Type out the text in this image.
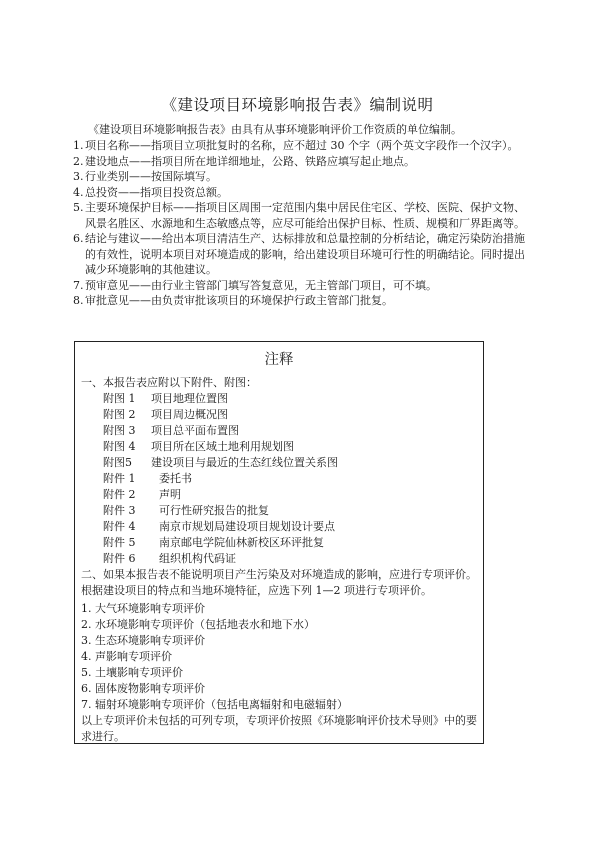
《建设项目环境影响报告表》编制说明
《建设项目环境影响报告表》由具有从事环境影响评价工作资质的单位编制。
1. 项目名称——指项目立项批复时的名称，应不超过 30 个字（两个英文字段作一个汉字）。
2. 建设地点——指项目所在地详细地址，公路、铁路应填写起止地点。
3. 行业类别——按国际填写。
4. 总投资——指项目投资总额。
5. 主要环境保护目标——指项目区周围一定范围内集中居民住宅区、学校、医院、保护文物、风景名胜区、水源地和生态敏感点等，应尽可能给出保护目标、性质、规模和厂界距离等。
6. 结论与建议——给出本项目清洁生产、达标排放和总量控制的分析结论，确定污染防治措施的有效性，说明本项目对环境造成的影响，给出建设项目环境可行性的明确结论。同时提出减少环境影响的其他建议。
7. 预审意见——由行业主管部门填写答复意见，无主管部门项目，可不填。
8. 审批意见——由负责审批该项目的环境保护行政主管部门批复。
注释
一、本报告表应附以下附件、附图：
附图 1	项目地理位置图
附图 2	项目周边概况图
附图 3	项目总平面布置图
附图 4	项目所在区域土地利用规划图
附图5	建设项目与最近的生态红线位置关系图
附件 1	委托书
附件 2	声明
附件 3	可行性研究报告的批复
附件 4	南京市规划局建设项目规划设计要点
附件 5	南京邮电学院仙林新校区环评批复
附件 6	组织机构代码证
二、如果本报告表不能说明项目产生污染及对环境造成的影响，应进行专项评价。根据建设项目的特点和当地环境特征，应选下列 1—2 项进行专项评价。
1. 大气环境影响专项评价
2. 水环境影响专项评价（包括地表水和地下水）
3. 生态环境影响专项评价
4. 声影响专项评价
5. 土壤影响专项评价
6. 固体废物影响专项评价
7. 辐射环境影响专项评价（包括电离辐射和电磁辐射）
以上专项评价未包括的可列专项，专项评价按照《环境影响评价技术导则》中的要求进行。
